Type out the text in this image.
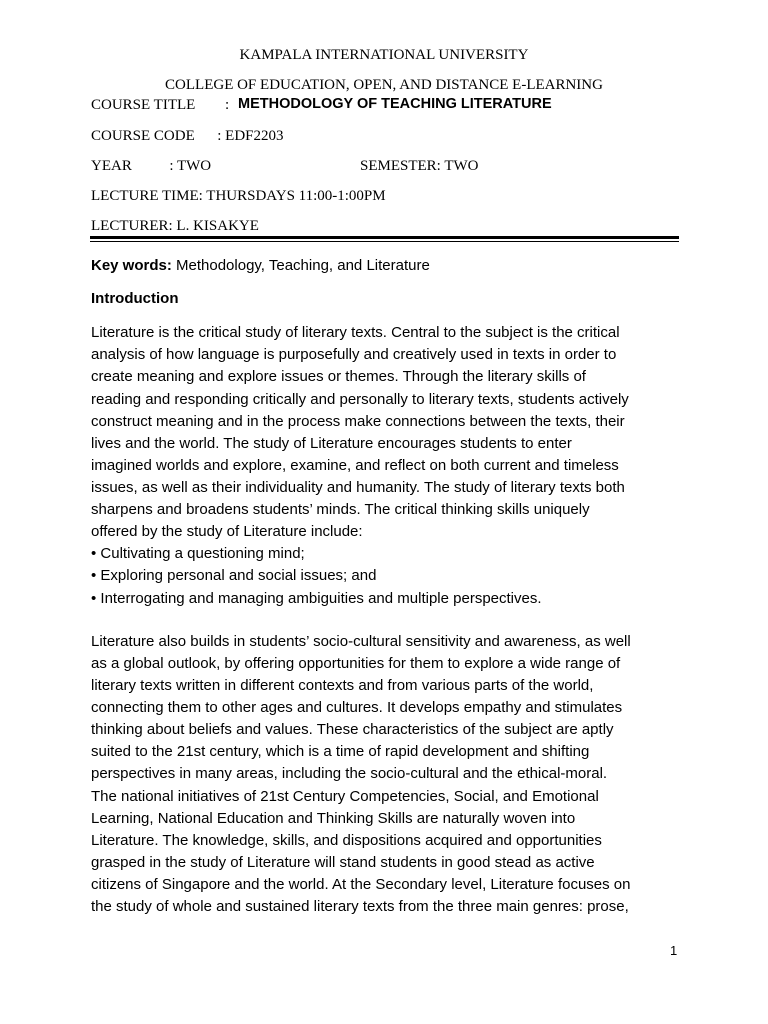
KAMPALA INTERNATIONAL UNIVERSITY
COLLEGE OF EDUCATION, OPEN, AND DISTANCE E-LEARNING
COURSE TITLE : METHODOLOGY OF TEACHING LITERATURE
COURSE CODE      : EDF2203
YEAR          : TWO	SEMESTER: TWO
LECTURE TIME: THURSDAYS 11:00-1:00PM
LECTURER: L. KISAKYE
Key words: Methodology, Teaching, and Literature
Introduction
Literature is the critical study of literary texts. Central to the subject is the critical
analysis of how language is purposefully and creatively used in texts in order to
create meaning and explore issues or themes. Through the literary skills of
reading and responding critically and personally to literary texts, students actively
construct meaning and in the process make connections between the texts, their
lives and the world. The study of Literature encourages students to enter
imagined worlds and explore, examine, and reflect on both current and timeless
issues, as well as their individuality and humanity. The study of literary texts both
sharpens and broadens students’ minds. The critical thinking skills uniquely
offered by the study of Literature include:
• Cultivating a questioning mind;
• Exploring personal and social issues; and
• Interrogating and managing ambiguities and multiple perspectives.
Literature also builds in students’ socio-cultural sensitivity and awareness, as well
as a global outlook, by offering opportunities for them to explore a wide range of
literary texts written in different contexts and from various parts of the world,
connecting them to other ages and cultures. It develops empathy and stimulates
thinking about beliefs and values. These characteristics of the subject are aptly
suited to the 21st century, which is a time of rapid development and shifting
perspectives in many areas, including the socio-cultural and the ethical-moral.
The national initiatives of 21st Century Competencies, Social, and Emotional
Learning, National Education and Thinking Skills are naturally woven into
Literature. The knowledge, skills, and dispositions acquired and opportunities
grasped in the study of Literature will stand students in good stead as active
citizens of Singapore and the world. At the Secondary level, Literature focuses on
the study of whole and sustained literary texts from the three main genres: prose,
1
